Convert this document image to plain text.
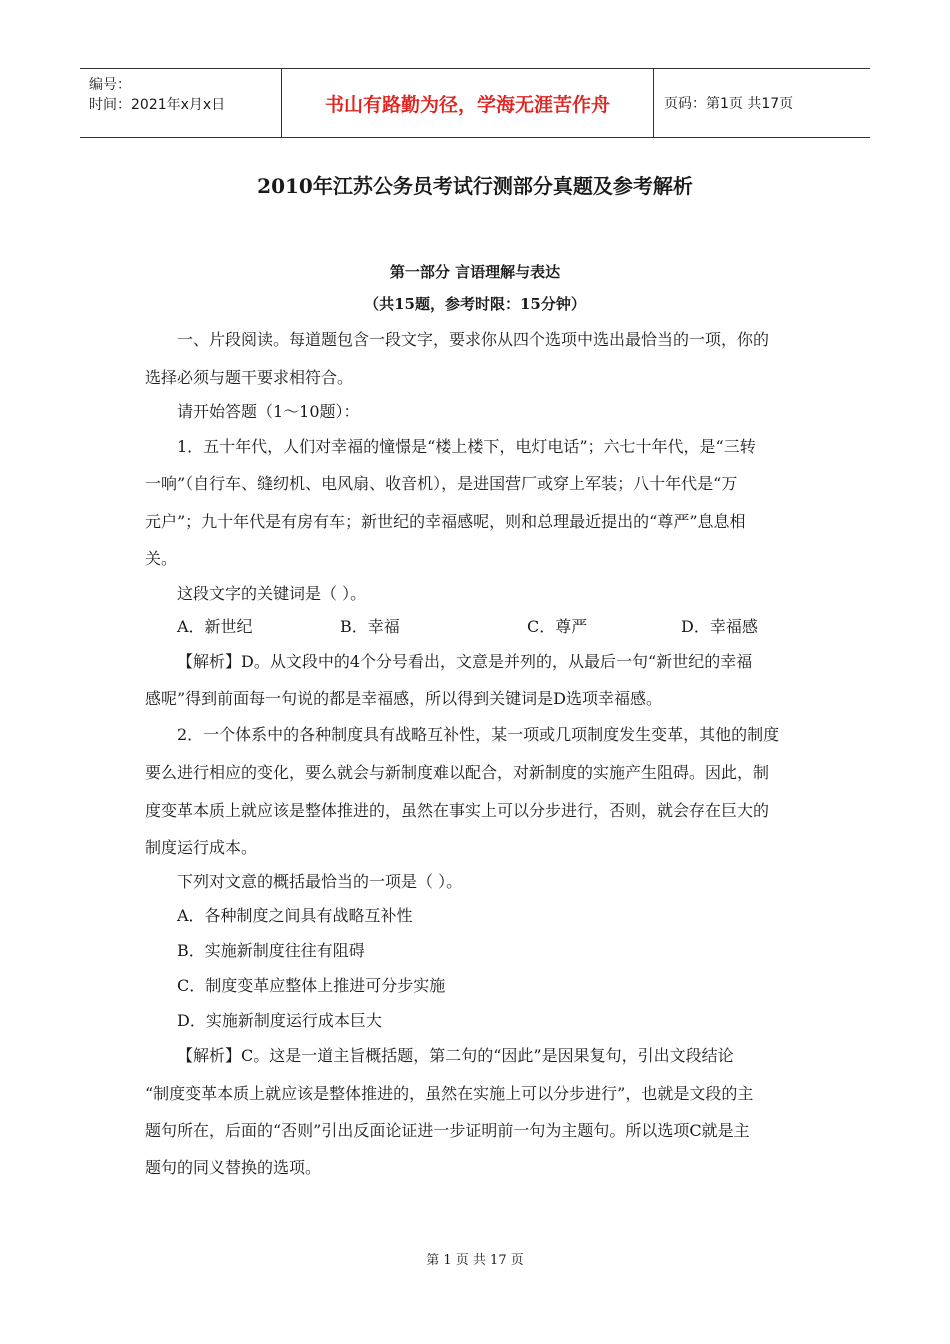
编号：
时间：2021年x月x日	书山有路勤为径，学海无涯苦作舟	页码：第1页 共17页
2010年江苏公务员考试行测部分真题及参考解析
第一部分 言语理解与表达
（共15题，参考时限：15分钟）
一、片段阅读。每道题包含一段文字，要求你从四个选项中选出最恰当的一项，你的
选择必须与题干要求相符合。
请开始答题（1～10题）：
1．五十年代，人们对幸福的憧憬是“楼上楼下，电灯电话”；六七十年代，是“三转
一响”（自行车、缝纫机、电风扇、收音机），是进国营厂或穿上军装；八十年代是“万
元户”；九十年代是有房有车；新世纪的幸福感呢，则和总理最近提出的“尊严”息息相
关。
这段文字的关键词是（ ）。
A．新世纪	B．幸福	C．尊严	D．幸福感
【解析】D。从文段中的4个分号看出，文意是并列的，从最后一句“新世纪的幸福
感呢”得到前面每一句说的都是幸福感，所以得到关键词是D选项幸福感。
2．一个体系中的各种制度具有战略互补性，某一项或几项制度发生变革，其他的制度
要么进行相应的变化，要么就会与新制度难以配合，对新制度的实施产生阻碍。因此，制
度变革本质上就应该是整体推进的，虽然在事实上可以分步进行，否则，就会存在巨大的
制度运行成本。
下列对文意的概括最恰当的一项是（ ）。
A．各种制度之间具有战略互补性
B．实施新制度往往有阻碍
C．制度变革应整体上推进可分步实施
D．实施新制度运行成本巨大
【解析】C。这是一道主旨概括题，第二句的“因此”是因果复句，引出文段结论
“制度变革本质上就应该是整体推进的，虽然在实施上可以分步进行”，也就是文段的主
题句所在，后面的“否则”引出反面论证进一步证明前一句为主题句。所以选项C就是主
题句的同义替换的选项。
第 1 页 共 17 页
